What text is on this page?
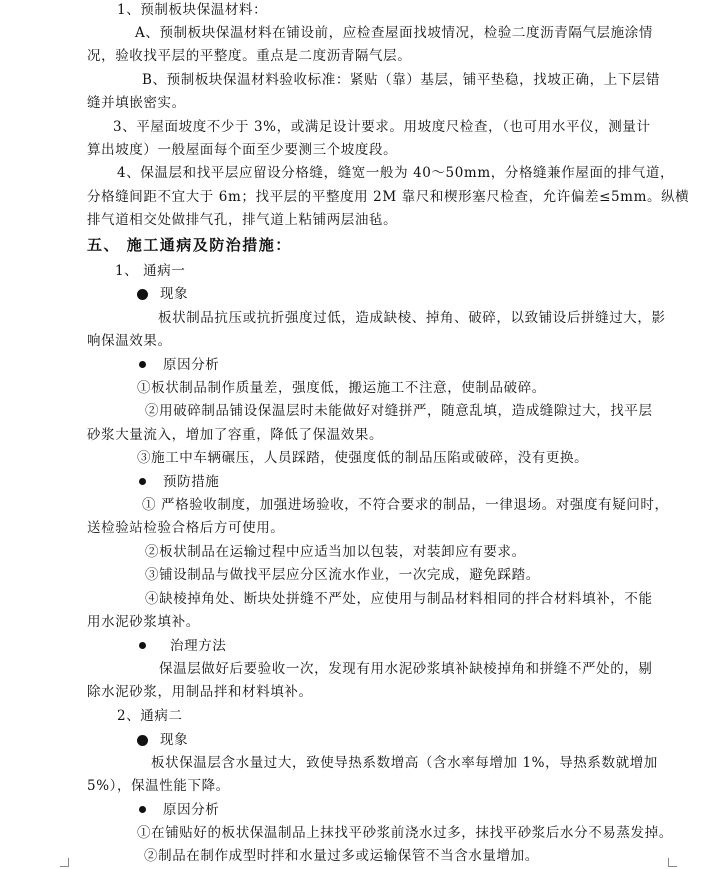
1、预制板块保温材料：
A、预制板块保温材料在铺设前，应检查屋面找坡情况，检验二度沥青隔气层施涂情
况，验收找平层的平整度。重点是二度沥青隔气层。
B、预制板块保温材料验收标准：紧贴（靠）基层，铺平垫稳，找坡正确，上下层错
缝并填嵌密实。
3、平屋面坡度不少于 3%，或满足设计要求。用坡度尺检查，（也可用水平仪，测量计
算出坡度）一般屋面每个面至少要测三个坡度段。
4、保温层和找平层应留设分格缝，缝宽一般为 40～50mm，分格缝兼作屋面的排气道，
分格缝间距不宜大于 6m；找平层的平整度用 2M 靠尺和楔形塞尺检查，允许偏差≤5mm。纵横
排气道相交处做排气孔，排气道上粘铺两层油毡。
五、 施工通病及防治措施：
1、 通病一
现象
板状制品抗压或抗折强度过低，造成缺棱、掉角、破碎，以致铺设后拼缝过大，影
响保温效果。
原因分析
①板状制品制作质量差，强度低，搬运施工不注意，使制品破碎。
②用破碎制品铺设保温层时未能做好对缝拼严，随意乱填，造成缝隙过大，找平层
砂浆大量流入，增加了容重，降低了保温效果。
③施工中车辆碾压，人员踩踏，使强度低的制品压陷或破碎，没有更换。
预防措施
① 严格验收制度，加强进场验收，不符合要求的制品，一律退场。对强度有疑问时，
送检验站检验合格后方可使用。
②板状制品在运输过程中应适当加以包装，对装卸应有要求。
③铺设制品与做找平层应分区流水作业，一次完成，避免踩踏。
④缺棱掉角处、断块处拼缝不严处，应使用与制品材料相同的拌合材料填补，不能
用水泥砂浆填补。
治理方法
保温层做好后要验收一次，发现有用水泥砂浆填补缺棱掉角和拼缝不严处的，剔
除水泥砂浆，用制品拌和材料填补。
2、通病二
现象
板状保温层含水量过大，致使导热系数增高（含水率每增加 1%，导热系数就增加
5%），保温性能下降。
原因分析
①在铺贴好的板状保温制品上抹找平砂浆前浇水过多，抹找平砂浆后水分不易蒸发掉。
②制品在制作成型时拌和水量过多或运输保管不当含水量增加。
